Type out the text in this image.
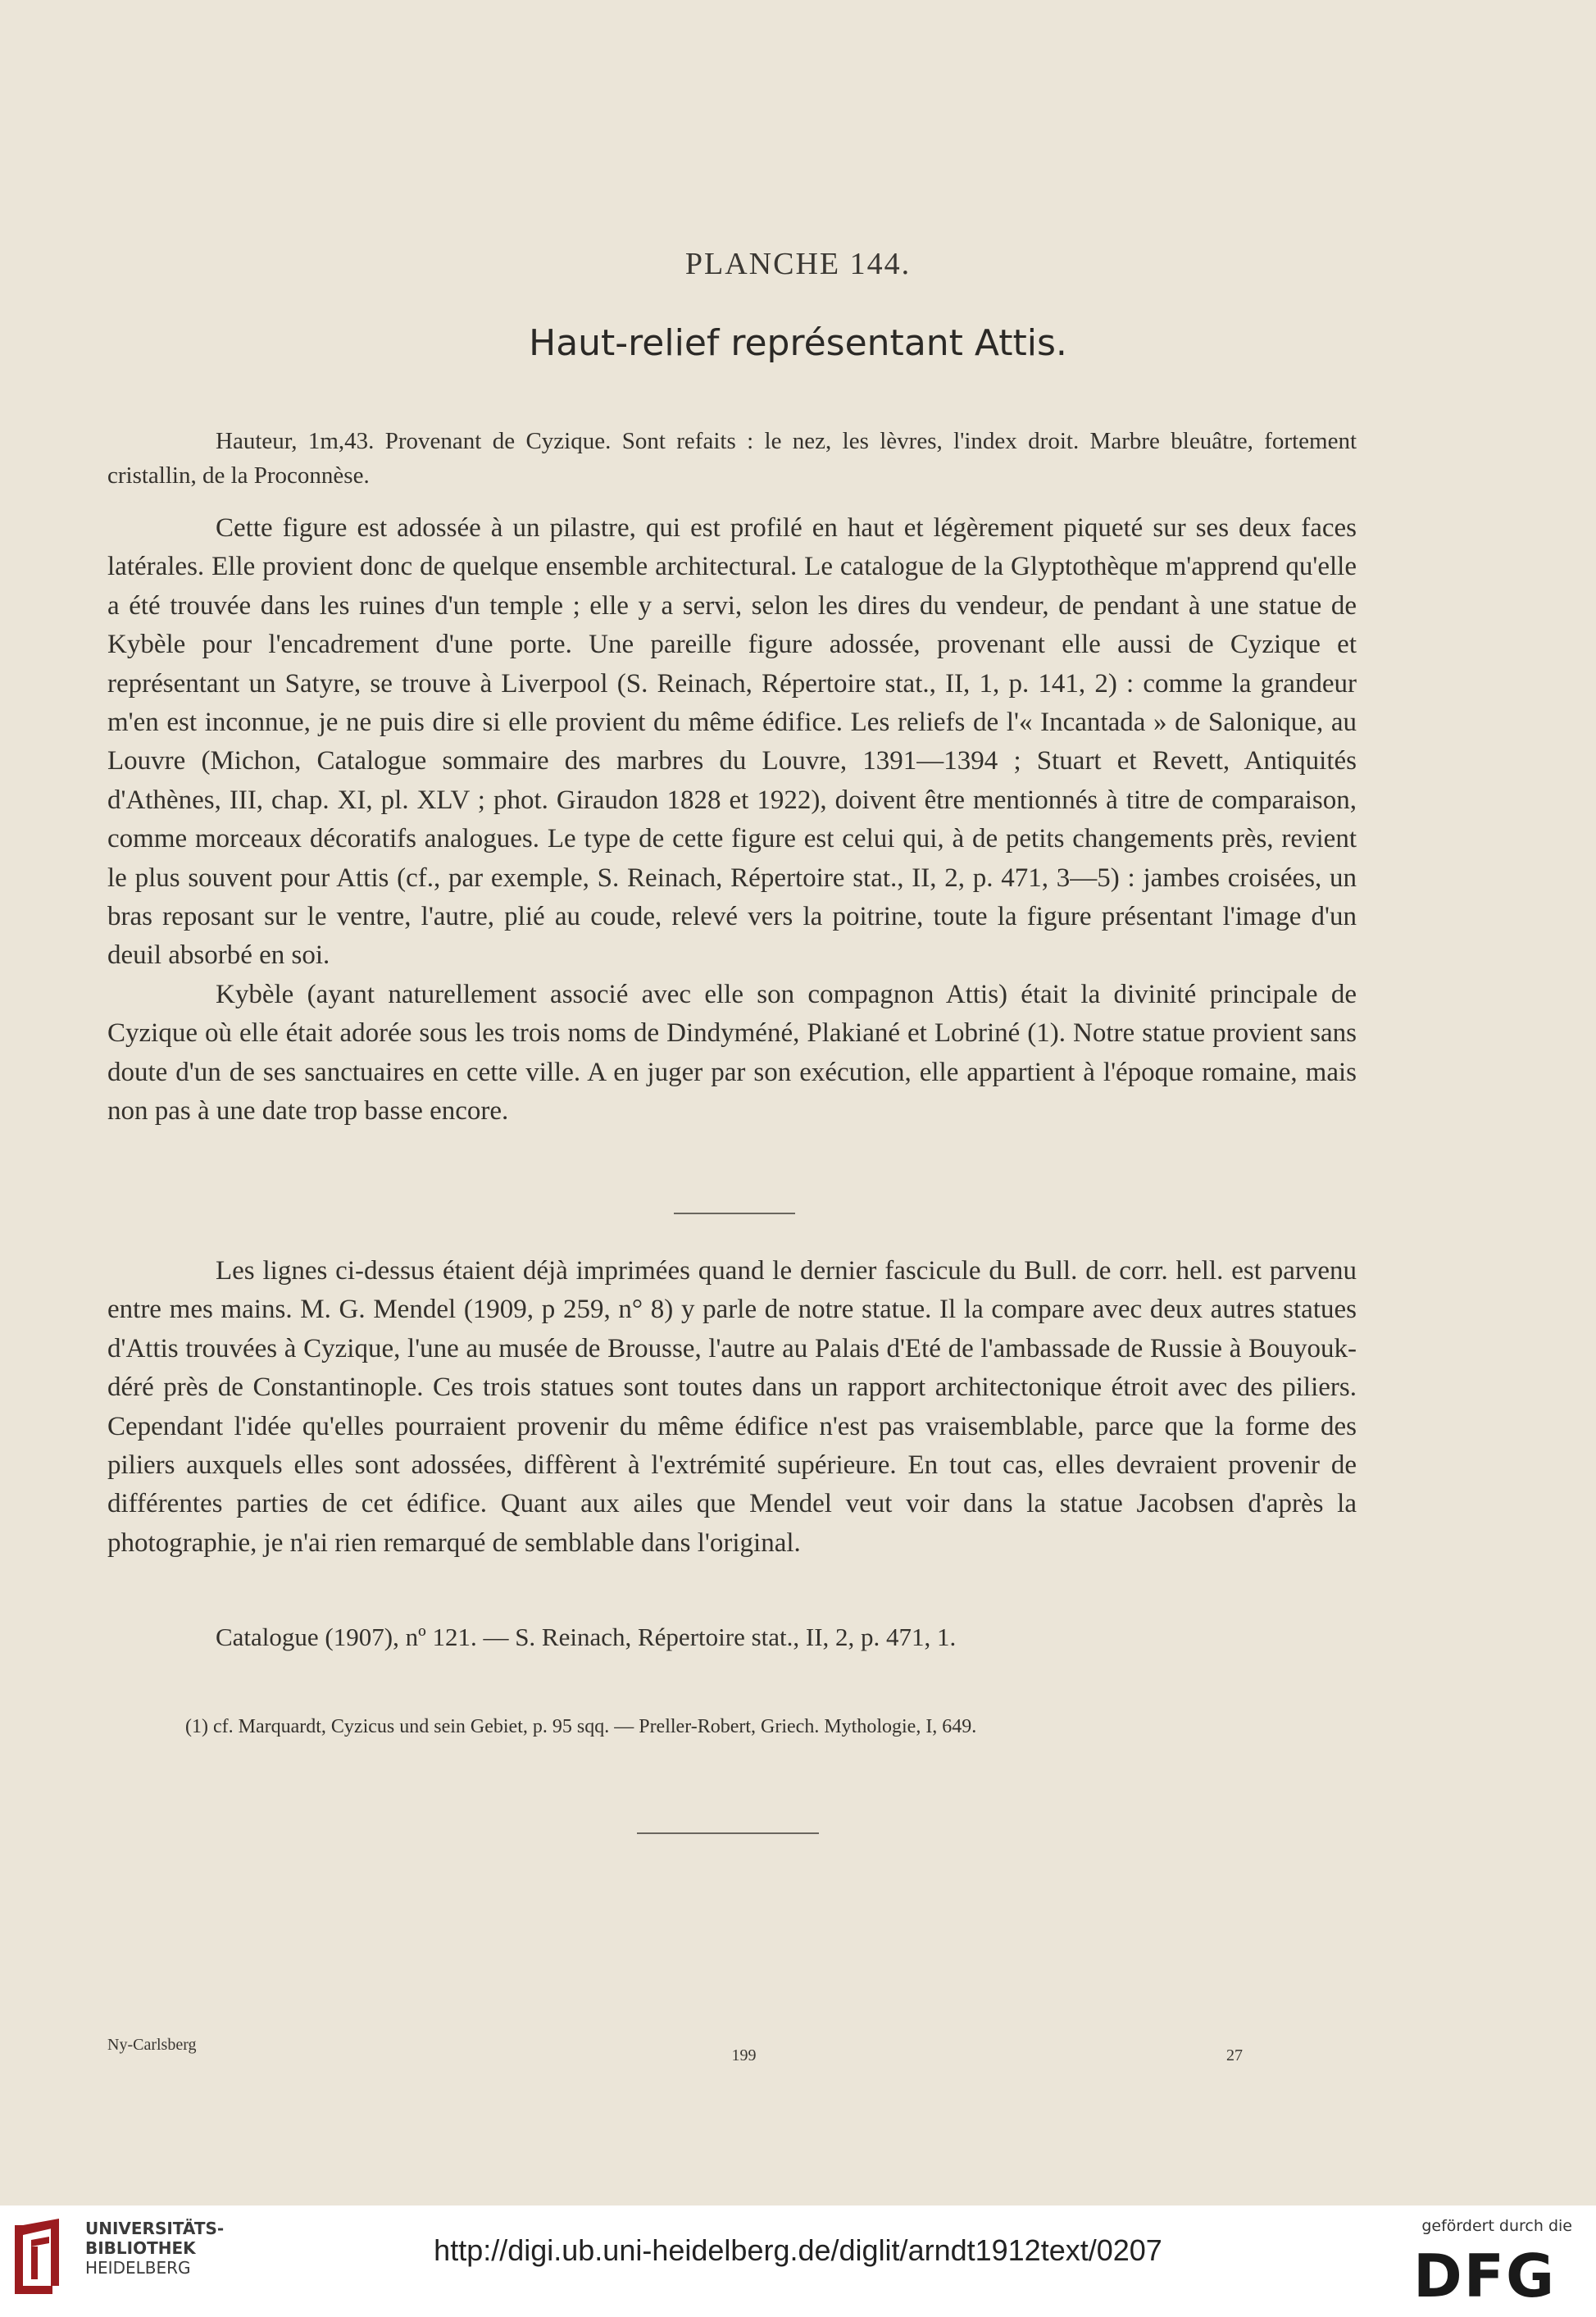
PLANCHE 144.
Haut-relief représentant Attis.
Hauteur, 1m,43. Provenant de Cyzique. Sont refaits : le nez, les lèvres, l'index droit. Marbre bleuâtre, fortement cristallin, de la Proconnèse.

Cette figure est adossée à un pilastre, qui est profilé en haut et légèrement piqueté sur ses deux faces latérales. Elle provient donc de quelque ensemble architectural. Le catalogue de la Glyptothèque m'apprend qu'elle a été trouvée dans les ruines d'un temple ; elle y a servi, selon les dires du vendeur, de pendant à une statue de Kybèle pour l'encadrement d'une porte. Une pareille figure adossée, provenant elle aussi de Cyzique et représentant un Satyre, se trouve à Liverpool (S. Reinach, Répertoire stat., II, 1, p. 141, 2) : comme la grandeur m'en est inconnue, je ne puis dire si elle provient du même édifice. Les reliefs de l'« Incantada » de Salonique, au Louvre (Michon, Catalogue sommaire des marbres du Louvre, 1391—1394 ; Stuart et Revett, Antiquités d'Athènes, III, chap. XI, pl. XLV ; phot. Giraudon 1828 et 1922), doivent être mentionnés à titre de comparaison, comme morceaux décoratifs analogues. Le type de cette figure est celui qui, à de petits changements près, revient le plus souvent pour Attis (cf., par exemple, S. Reinach, Répertoire stat., II, 2, p. 471, 3—5) : jambes croisées, un bras reposant sur le ventre, l'autre, plié au coude, relevé vers la poitrine, toute la figure présentant l'image d'un deuil absorbé en soi.

Kybèle (ayant naturellement associé avec elle son compagnon Attis) était la divinité principale de Cyzique où elle était adorée sous les trois noms de Dindyméné, Plakiané et Lobriné (1). Notre statue provient sans doute d'un de ses sanctuaires en cette ville. A en juger par son exécution, elle appartient à l'époque romaine, mais non pas à une date trop basse encore.

Les lignes ci-dessus étaient déjà imprimées quand le dernier fascicule du Bull. de corr. hell. est parvenu entre mes mains. M. G. Mendel (1909, p 259, n° 8) y parle de notre statue. Il la compare avec deux autres statues d'Attis trouvées à Cyzique, l'une au musée de Brousse, l'autre au Palais d'Eté de l'ambassade de Russie à Bouyouk-déré près de Constantinople. Ces trois statues sont toutes dans un rapport architectonique étroit avec des piliers. Cependant l'idée qu'elles pourraient provenir du même édifice n'est pas vraisemblable, parce que la forme des piliers auxquels elles sont adossées, diffèrent à l'extrémité supérieure. En tout cas, elles devraient provenir de différentes parties de cet édifice. Quant aux ailes que Mendel veut voir dans la statue Jacobsen d'après la photographie, je n'ai rien remarqué de semblable dans l'original.

Catalogue (1907), nº 121. — S. Reinach, Répertoire stat., II, 2, p. 471, 1.
(1) cf. Marquardt, Cyzicus und sein Gebiet, p. 95 sqq. — Preller-Robert, Griech. Mythologie, I, 649.
Ny-Carlsberg
199	27
UNIVERSITÄTS-
BIBLIOTHEK
HEIDELBERG
http://digi.ub.uni-heidelberg.de/diglit/arndt1912text/0207
gefördert durch die
DFG
